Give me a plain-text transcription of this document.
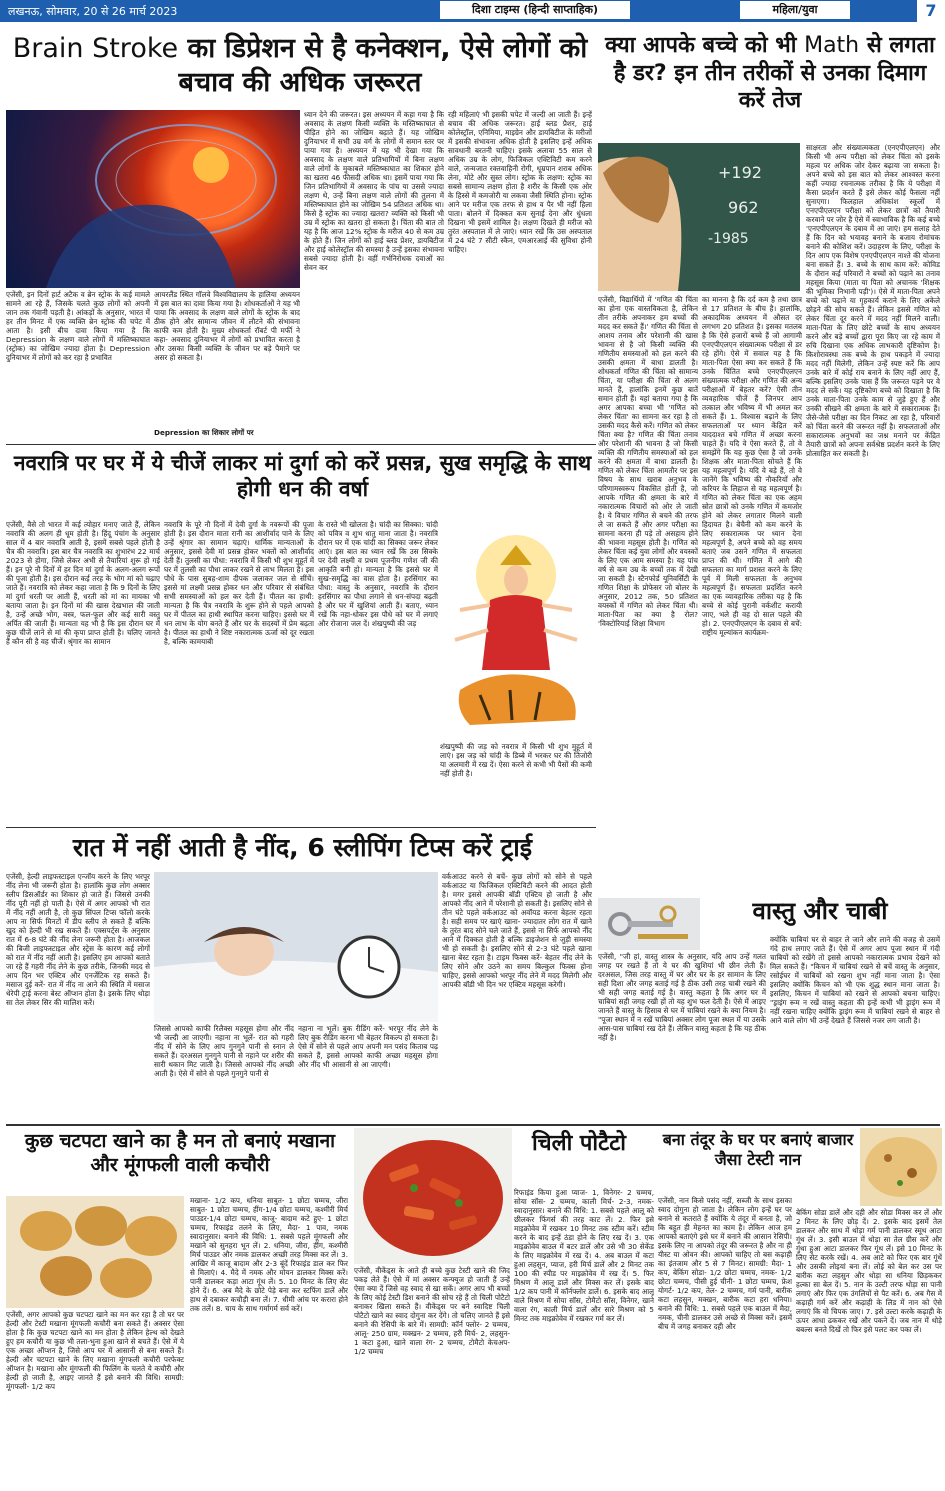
लखनऊ, सोमवार, 20 से 26 मार्च 2023	दिशा टाइम्स (हिन्दी साप्ताहिक)	महिला/युवा	7
Brain Stroke का डिप्रेशन से है कनेक्शन, ऐसे लोगों को बचाव की अधिक जरूरत
एजेंसी, इन दिनों हार्ट अटैक व ब्रेन स्ट्रोक के कई मामले सामने आ रहे हैं, जिसके चलते कुछ लोगों को अपनी जान तक गंवानी पड़ती है। आंकड़ों के अनुसार, भारत में हर तीन मिनट में एक व्यक्ति ब्रेन स्ट्रोक की चपेट में आता है। इसी बीच दावा किया गया है कि Depression के लक्षण वाले लोगों में मस्तिष्काघात (स्ट्रोक) का जोखिम ज्यादा होता है। Depression दुनियाभर में लोगों को कर रहा है प्रभावित
आयरलैंड स्थित गॉलवे विश्वविद्यालय के हालिया अध्ययन में इस बात का दावा किया गया है। शोधकर्ताओं ने यह भी पाया कि अवसाद के लक्षण वाले लोगों के स्ट्रोक के बाद ठीक होने और सामान्य जीवन में लौटने की संभावना काफी कम होती है। मुख्य शोधकर्ता रॉबर्ट पी मर्फी ने कहा- अवसाद दुनियाभर में लोगों को प्रभावित करता है और उसका किसी व्यक्ति के जीवन पर बड़े पैमाने पर असर हो सकता है।
Depression का शिकार लोगों पर
ध्यान देने की जरूरत। इस अध्ययन में कहा गया है कि अवसाद के लक्षण किसी व्यक्ति के मस्तिष्काघात से पीड़ित होने का जोखिम बढ़ाते हैं। यह जोखिम दुनियाभर में सभी उम्र वर्ग के लोगों में समान स्तर पर पाया गया है। अध्ययन में यह भी देखा गया कि अवसाद के लक्षण वाले प्रतिभागियों में बिना लक्षण वाले लोगों के मुकाबले मस्तिष्काघात का शिकार होने का खतरा 46 फीसदी अधिक था। इसमें पाया गया कि जिन प्रतिभागियों में अवसाद के पांच या उससे ज्यादा लक्षण थे, उन्हें बिना लक्षण वाले लोगों की तुलना में मस्तिष्काघात होने का जोखिम 54 प्रतिशत अधिक था। किसे है स्ट्रोक का ज्यादा खतरा? व्यक्ति को किसी भी उम्र में स्ट्रोक का खतरा हो सकता है। चिंता की बात तो यह है कि आज 12% स्ट्रोक के मरीज 40 से कम उम्र के होते हैं। जिन लोगों को हाई ब्लड प्रेशर, डायबिटीज और हाई कोलेस्ट्रॉल की समस्या है उन्हें इसका संभावना सबसे ज्यादा होती है। वहीं गर्भनिरोधक दवाओं का सेवन कर
रही महिलाएं भी इसकी चपेट में जल्दी आ जाती हैं। इन्हें बचाव की अधिक जरूरत। हाई ब्लड प्रैशर, हाई कोलेस्ट्रॉल, एनिमिया, माइग्रेन और डायबिटीज के मरीजों में इसकी संभावना अधिक होती है इसलिए इन्हें अधिक सावधानी बरतनी चाहिए। इसके अलावा 55 साल से अधिक उम्र के लोग, फिजिकल एक्टिविटी कम करने वाले, जन्मजात रक्तवाहिनी रोगी, धूम्रपान शराब अधिक लेना, मोटे और सुस्त लोग। स्ट्रोक के लक्षण: स्ट्रोक का सबसे सामान्य लक्षण होता है शरीर के किसी एक ओर के हिस्से में कमजोरी या लकवा जैसी स्थिति होना। स्ट्रोक आने पर मरीज एक तरफ से हाथ व पैर भी नहीं हिला पाता। बोलने में दिक्कत कम सुनाई देना और धुंधला दिखना भी इसमें शामिल है। लक्षण दिखते ही मरीज को तुरंत अस्पताल में ले जाएं। ध्यान रखें कि उस अस्पताल में 24 घंटे 7 सीटी स्कैन, एमआरआई की सुविधा होनी चाहिए।
क्या आपके बच्चे को भी Math से लगता है डर? इन तीन तरीकों से उनका दिमाग करें तेज
+192
962
-1985
एजेंसी, विद्यार्थियों में 'गणित की चिंता का होना एक वास्तविकता है, लेकिन तीन तरीके अपनाकर हम बच्चों की मदद कर सकते हैं।' गणित की चिंता से आशय तनाव और परेशानी की खास भावना से है जो किसी व्यक्ति की गणितीय समस्याओं को हल करने की उसकी क्षमता में बाधा डालती है। शोधकर्ता गणित की चिंता को सामान्य चिंता, या परीक्षा की चिंता से अलग मानते हैं, हालांकि इनमें कुछ बातें समान होती हैं। यहां बताया गया है कि अगर आपका बच्चा भी 'गणित को लेकर चिंता' का सामना कर रहा है तो उसकी मदद कैसे करें। गणित को लेकर चिंता क्या है? गणित की चिंता तनाव और परेशानी की भावना है जो किसी व्यक्ति की गणितीय समस्याओं को हल करने की क्षमता में बाधा डालती है। गणित को लेकर चिंता आमतौर पर इस विषय के साथ खराब अनुभव के परिणामस्वरूप विकसित होती है, जो आपके गणित की क्षमता के बारे में नकारात्मक विचारों को ओर ले जाती है। ये विचार गणित से बचने की तरफ ले जा सकते हैं और अगर परीक्षा का सामना करना ही पड़े तो असहाय होने की भावना महसूस होती है। गणित को लेकर चिंता कई युवा लोगों और वयस्कों के लिए एक आम समस्या है। यह पांच वर्ष से कम उम्र के बच्चों तक में देखी जा सकती है। स्टैनफोर्ड यूनिवर्सिटी के गणित शिक्षा के प्रोफेसर जो बोलर के अनुसार, 2012 तक, 50 प्रतिशत वयस्कों में गणित को लेकर चिंता थी। माता-पिता का क्या है रोल? 'विक्टोरियाई शिक्षा विभाग
का मानना है कि दर्द कम है तथा छात्र से 17 प्रतिशत के बीच है। हालांकि, अकादमिक अध्ययन में औसत दर लगभग 20 प्रतिशत है। इसका मतलब है कि ऐसे हजारों बच्चे हैं जो आगामी एनएपीएलएन संख्यात्मक परीक्षा से डर रहे होंगे। ऐसे में सवाल यह है कि माता-पिता ऐसा क्या कर सकते हैं कि उनके चिंतित बच्चे एनएपीएलएन संख्यात्मक परीक्षा और गणित की अन्य परीक्षाओं में बेहतर करें? ऐसी तीन व्यवहारिक चीजें हैं जिनपर आप तत्काल और भविष्य में भी अमल कर सकते हैं। 1. विश्वास बढ़ाने के लिए सफलताओं पर ध्यान केंद्रित करें याददाश्त बचे गणित में अच्छा करना चाहते हैं। यदि वे ऐसा करते हैं, तो वे समझेंगे कि यह कुछ ऐसा है जो उनके शिक्षक और माता-पिता सोचते हैं कि यह महत्वपूर्ण है। यदि वे बड़े हैं, तो वे जानेंगे कि भविष्य की नौकरियों और करियर के लिहाज से यह महत्वपूर्ण है। गणित को लेकर चिंता का एक अहम स्रोत छात्रों को उनके गणित में कमजोर होने को लेकर लगातार मिलने वाली हिदायत है। बेचैनी को कम करने के लिए सकारात्मक पर ध्यान देना महत्वपूर्ण है, अपने बच्चे को वह समय बताएं जब उसने गणित में सफलता प्राप्त की थी। गणित में आगे की सफलता का मार्ग प्रशस्त करने के लिए पूर्व में मिली सफलता के अनुभव महत्वपूर्ण हैं। सफलता प्रदर्शित करने का एक व्यावहारिक तरीका यह है कि बच्चे से कोई पुरानी वर्कशीट करायी जाए, भले ही वह दो साल पहले की हो। 2. एनएपीएलएन के दबाव से बचें: राष्ट्रीय मूल्यांकन कार्यक्रम-
साक्षरता और संख्यात्मकता (एनएपीएलएन) और किसी भी अन्य परीक्षा को लेकर चिंता को इसके महत्व पर अधिक जोर देकर बढ़ाया जा सकता है। अपने बच्चे को इस बात को लेकर आश्वस्त करना कहीं ज्यादा रचनात्मक तरीका है कि ये परीक्षा में कैसा प्रदर्शन करते हैं इसे लेकर कोई फैसला नहीं सुनाएगा। फिलहाल अधिकांश स्कूलों में एनएपीएलएन परीक्षा को लेकर छात्रों को तैयारी करवाने पर जोर है ऐसे में स्वाभाविक है कि कई बच्चे 'एनएपीएलएन के दबाव में आ जाएं। हम सलाह देते हैं कि दिन को भयावह बनाने के बजाय रोमांचक बनाने की कोशिश करें। उदाहरण के लिए, परीक्षा के दिन आप एक विशेष एनएपीएलएन नाश्ते की योजना बना सकते हैं। 3. बच्चे के साथ काम करें: कोविड के दौरान कई परिवारों ने बच्चों को पढ़ाने का तनाव महसूस किया (माता या पिता को अचानक 'शिक्षक की भूमिका निभानी पड़ी')। ऐसे में माता-पिता अपने बच्चे को पढ़ाने या गृहकार्य कराने के लिए अकेले छोड़ने की सोच सकते हैं। लेकिन इससे गणित को लेकर चिंता दूर करने में मदद नहीं मिलने वाली। माता-पिता के लिए छोटे बच्चों के साथ अध्ययन करने और बड़े बच्चों द्वारा पूरा किए जा रहे काम में रुचि दिखाना एक अधिक लाभकारी दृष्टिकोण है। किशोरावस्था तक बच्चे के हाथ पकड़ने में ज्यादा मदद नहीं मिलेगी, लेकिन उन्हें स्पष्ट करें कि आप उनके बारे में कोई राय बनाने के लिए नहीं आए हैं, बल्कि इसलिए उनके पास हैं कि जरूरत पड़ने पर वे मदद ले सकें। यह दृष्टिकोण बच्चे को दिखाता है कि उनके माता-पिता उनके काम से जुड़े हुए हैं और उनकी सीखने की क्षमता के बारे में सकारात्मक हैं। जैसे-जैसे परीक्षा का दिन निकट आ रहा है, परिवारों को चिंता करने की जरूरत नहीं है। सफलताओं और सकारात्मक अनुभवों का जश्न मनाने पर केंद्रित तैयारी छात्रों को अपना सर्वश्रेष्ठ प्रदर्शन करने के लिए प्रोत्साहित कर सकती है।
नवरात्रि पर घर में ये चीजें लाकर मां दुर्गा को करें प्रसन्न, सुख समृद्धि के साथ होगी धन की वर्षा
एजेंसी, वैसे तो भारत में कई त्योहार मनाए जाते हैं, लेकिन नवरात्रि की अलग ही धूम होती है। हिंदू पंचांग के अनुसार साल में 4 बार नवरात्रि आती है, इसमें सबसे पहले होती है चैत्र की नवरात्रि। इस बार चैत्र नवरात्रि का शुभारंभ 22 मार्च 2023 से होगा, जिसे लेकर अभी से तैयारियां शुरू हो गई हैं। इन पूरे नौ दिनों में हर दिन मां दुर्गा के अलग-अलग रूपों की पूजा होती है। इस दौरान कई तरह के भोग मां को चढ़ाए जाते हैं। नवरात्रि को लेकर कहा जाता है कि 9 दिनों के लिए मां दुर्गा धरती पर आती हैं, धरती को मां का मायका भी बताया जाता है। इन दिनों मां की खास देखभाल की जाती है, उन्हें अच्छे भोग, वस्त्र, फल-फूल और कई सारी वस्तु अर्पित की जाती हैं। मान्यता यह भी है कि इस दौरान घर में कुछ चीजें लाने से मां की कृपा प्राप्त होती है। चलिए जानते हैं कौन सी है वह चीजें। श्रृंगार का सामान
नवरात्रि के पूरे नौ दिनों में देवी दुर्गा के नवरूपों की पूजा होती है। इस दौरान माता रानी का आशीर्वाद पाने के लिए उन्हें श्रृंगार का सामान चढ़ाएं। धार्मिक मान्यताओं के अनुसार, इससे देवी मां प्रसन्न होकर भक्तों को आशीर्वाद देती हैं। तुलसी का पौधा: नवरात्रि में किसी भी शुभ मुहूर्त में घर में तुलसी का पौधा लाकर रखने से लाभ मिलता है। इस पौधे के पास सुबह-शाम दीपक जलाकर जल से सींचें। इससे मां लक्ष्मी प्रसन्न होकर धन और परिवार से संबंधित सभी समस्याओं को हल कर देती हैं। पीतल का हाथी: मान्यता है कि चैत्र नवरात्रि के शुरू होने से पहले आपको घर में पीतल का हाथी स्थापित करना चाहिए। इससे घर में धन लाभ के योग बनते हैं और घर के सदस्यों में प्रेम बढ़ता है। पीतल का हाथी ने शिष्ट नकारात्मक ऊर्जा को दूर रखता है, बल्कि कामयाबी
के रास्ते भी खोलता है। चांदी का सिक्का: चांदी को पवित्र व शुभ धातु माना जाता है। नवरात्रि दौरान घर में एक चांदी का सिक्का जरूर लेकर आएं। इस बात का ध्यान रखें कि उस सिक्के पर देवी लक्ष्मी व प्रथम पूजनीय गणेश जी की आकृति बनी हो। मान्यता है कि इससे घर में सुख-समृद्धि का वास होता है। हरसिंगार का पौधा: वास्तु के अनुसार, नवरात्रि के दौरान हरसिंगार का पौधा लगाने से धन-संपदा बढ़ती है और घर में खुशियां आती हैं। बताए, ध्यान रखें कि नहा-धोकर इस पौधे को घर में लगाएं और रोजाना जल दें। शंखपुष्पी की जड़
शंखपुष्पी की जड़ को नवरात्र में किसी भी शुभ मुहूर्त में लाएं। इस जड़ को चांदी के डिब्बे में भरकर घर की तिजोरी या अलमारी में रख दें। ऐसा करने से कभी भी पैसों की कमी नहीं होती है।
रात में नहीं आती है नींद, 6 स्लीपिंग टिप्स करें ट्राई
एजेंसी, हेल्दी लाइफस्टाइल एन्जॉय करने के लिए भरपूर नींद लेना भी जरूरी होता है। हालांकि कुछ लोग अक्सर स्लीप डिसऑर्डर का शिकार हो जाते हैं। जिससे उनकी नींद पूरी नहीं हो पाती है। ऐसे में अगर आपको भी रात में नींद नहीं आती है, तो कुछ सिंपल टिप्स फॉलो करके आप ना सिर्फ मिनटों में डीप स्लीप ले सकते हैं बल्कि खुद को हेल्दी भी रख सकते हैं। एक्सपर्ट्स के अनुसार रात में 6-8 घंटे की नींद लेना जरूरी होता है। आजकल की बिजी लाइफस्टाइल और स्ट्रेस के कारण कई लोगों को रात में नींद नहीं आती है। इसलिए हम आपको बताते जा रहे हैं गहरी नींद लेने के कुछ तरीके, जिनकी मदद से आप दिन भर एक्टिव और एनर्जेटिक रह सकते हैं। मसाज दुई करें- रात में नींद ना आने की स्थिति में मसाज थेरेपी ट्राई करना बेस्ट ऑप्शन होता है। इसके लिए थोड़ा सा तेल लेकर सिर की मालिश करें।
जिससे आपको काफी रिलैक्स महसूस होगा और नींद भी जल्दी आ जाएगी। नहाना ना भूलें- रात को गहरी नींद में सोने के लिए आप गुनगुने पानी से स्नान ले सकते हैं। दरअसल गुनगुने पानी से नहाने पर शरीर की सारी थकान मिट जाती है। जिससे आपको नींद अच्छी आती है। ऐसे में सोने से पहले गुनगुने पानी से
नहाना ना भूलें। बुक रीडिंग करें- भरपूर नींद लेने के लिए बुक रीडिंग करना भी बेहतर विकल्प हो सकता है। ऐसे में सोने से पहले आप अपनी मन पसंद किताब पढ़ सकते हैं, इससे आपको काफी अच्छा महसूस होगा और नींद भी आसानी से आ जाएगी।
वर्कआउट करने से बचें- कुछ लोगों को सोने से पहले वर्कआउट या फिजिकल एक्टिविटी करने की आदत होती है। मगर इससे आपकी बॉडी एक्टिव हो जाती है और आपको नींद आने में परेशानी हो सकती है। इसलिए सोने से तीन घंटे पहले वर्कआउट को अवॉयड करना बेहतर रहता है। सही समय पर खाएं खाना- ज्यादातर लोग रात में खाने के तुरंत बाद सोने चले जाते हैं, इससे ना सिर्फ आपको नींद आने में दिक्कत होती है बल्कि डाइजेशन से जुड़ी समस्या भी हो सकती है। इसलिए सोने से 2-3 घंटे पहले खाना खाना बेस्ट रहता है। टाइम फिक्स करें- बेहतर नींद लेने के लिए सोने और उठने का समय बिल्कुल फिक्स होना चाहिए, इससे आपको भरपूर नींद लेने में मदद मिलेगी और आपकी बॉडी भी दिन भर एक्टिव महसूस करेगी।
वास्तु और चाबी
एजेंसी, "जी हां, वास्तु शास्त्र के अनुसार, यदि आप उन्हें गलत जगह पर रखते हैं तो ये घर की खुशियां भी छीन लेती हैं। दरअसल, जिस तरह वास्तु में घर और घर के हर सामान के लिए सही दिशा और जगह बताई गई है ठीक उसी तरह चाबी रखने की भी सही जगह बताई गई है। वास्तु कहता है कि अगर घर में चाबियां सही जगह रखी हों तो यह शुभ फल देती हैं। ऐसे में आइए जानते हैं वास्तु के हिसाब से घर में चाबियां रखने के क्या नियम है। "पूजा स्थान में न रखें चाबियां अक्सर लोग पूजा स्थल में या उसके आस-पास चाबियां रख देते हैं। लेकिन वास्तु कहता है कि यह ठीक नहीं है।
क्योंकि चाबियां घर से बाहर ले जाने और लाने की वजह से उसमें गंदे हाथ लगाए जाते हैं। ऐसे में अगर आप पूजा स्थान में गंदी चाबियों को रखेंगे तो इससे आपको नकारात्मक प्रभाव देखने को मिल सकते हैं। "किचन में चाबियां रखने से बचें वास्तु के अनुसार, रसोईघर में चाबियों को रखना शुभ नहीं माना जाता है। ऐसा इसलिए क्योंकि किचन को भी एक शुद्ध स्थान माना जाता है। इसलिए, किचन में चाबियां को रखने से आपको बचना चाहिए। "ड्राइंग रूम न रखें वास्तु कहता की इन्हें कभी भी ड्राइंग रूम में नहीं रखना चाहिए क्योंकि ड्राइंग रूम में चाबियां रखने से बाहर से आने वाले लोग भी उन्हें देखते हैं जिससे नजर लग जाती है।
कुछ चटपटा खाने का है मन तो बनाएं मखाना और मूंगफली वाली कचौरी
एजेंसी, अगर आपको कुछ चटपटा खाने का मन कर रहा है तो घर पर हेल्दी और टेस्टी मखाना मूंगफली कचौरी बना सकते हैं। अक्सर ऐसा होता है कि कुछ चटपटा खाने का मन होता है लेकिन हेल्थ को देखते हुए हम कचौरी या कुछ भी तला-भुना हुआ खाने से बचते हैं। ऐसे में ये एक अच्छा ऑप्शन है, जिसे आप घर में आसानी से बना सकते हैं। हेल्दी और चटपटा खाने के लिए मखाना मूंगफली कचौरी परफेक्ट ऑप्शन है। मखाना और मूंगफली की फिलिंग के चलते ये कचौरी और हेल्दी हो जाती है, आइए जानते हैं इसे बनाने की विधि। सामग्री: मूंगफली- 1/2 कप
मखाना- 1/2 कप, धनिया साबुत- 1 छोटा चम्मच, जीरा साबुत- 1 छोटा चम्मच, हींग-1/4 छोटा चम्मच, कश्मीरी मिर्च पाउडर-1/4 छोटा चम्मच, काजू- बादाम कटे हुए- 1 छोटा चम्मच, रिफाइंड तलने के लिए, मैदा- 1 पाव, नमक स्वादानुसार। बनाने की विधि: 1. सबसे पहले मूंगफली और मखाने को सुनहरा भून लें। 2. धनिया, जीरा, हींग, कश्मीरी मिर्च पाउडर और नमक डालकर अच्छी तरह मिक्स कर लें। 3. आखिर में काजू बादाम और 2-3 बूंदें रिफाइंड डाल कर फिर से मिलाएं। 4. मैदे में नमक और मोयन डालकर मिक्स करें। पानी डालकर कड़ा आटा गूंथ लें। 5. 10 मिनट के लिए सेट होने दें। 6. अब मैदे के छोटे पेड़े बना कर स्टफिंग डालें और हाथ से दबाकर कचौड़ी बना लें। 7. धीमी आंच पर करारा होने तक तलें। 8. चाय के साथ गर्मागर्म सर्व करें।
चिली पोटैटो
एजेंसी, वीकेंड्स के आते ही बच्चे कुछ टेस्टी खाने की जिद पकड़ लेते हैं। ऐसे में मां अक्सर कन्फ्यूज हो जाती हैं उन्हें ऐसा क्या दें जिसे वह स्वाद से खा सकें। अगर आप भी बच्चों के लिए कोई टेस्टी डिश बनाने की सोच रहे हैं तो चिली पोटैटो बनाकर खिला सकते हैं। वीकेंड्स पर बने स्वादिष्ट चिली पोटैटो खाने का स्वाद दोगुना कर देंगे। तो चलिए जानते हैं इसे बनाने की रेसिपी के बारे में। सामग्री: कॉर्न फ्लोर- 2 चम्मच, आलू- 250 ग्राम, मक्खन- 2 चम्मच, हरी मिर्च- 2, लहसुन- 1 कटा हुआ, खाने वाला रंग- 2 चम्मच, टोमैटो केचअप- 1/2 चम्मच
रिफाइंड किया हुआ प्याज- 1, विनेगर- 2 चम्मच, सोया सॉस- 2 चम्मच, काली मिर्च- 2-3, नमक- स्वादानुसार। बनाने की विधि: 1. सबसे पहले आलू को छीलकर फिंगर्स की तरह काट लें। 2. फिर इसे माइक्रोवेव में रखकर 10 मिनट तक स्टीम करें। स्टीम करने के बाद इन्हें ठंडा होने के लिए रख दें। 3. एक माइक्रोवेव बाउल में बटर डालें और उसे भी 30 सेकेंड के लिए माइक्रोवेव में रख दें। 4. अब बाउल में कटा हुआ लहसुन, प्याज, हरी मिर्च डालें और 2 मिनट तक 100 की स्पीड पर माइक्रोवेव में रख दें। 5. फिर मिश्रण में आलू डालें और मिक्स कर लें। इसके बाद 1/2 कप पानी में कॉर्नफ्लोर डालें। 6. इसके बाद आलू वाले मिश्रण में सोया सॉस, टोमैटो सॉस, विनेगर, खाने वाला रंग, काली मिर्च डालें और सारे मिश्रण को 5 मिनट तक माइक्रोवेव में रखकर गर्म कर लें।
बना तंदूर के घर पर बनाएं बाजार जैसा टेस्टी नान
एजेंसी, नान किसे पसंद नहीं, सब्जी के साथ इसका स्वाद दोगुना हो जाता है। लेकिन लोग इन्हें घर पर बनाने से कतराते हैं क्योंकि ये तंदूर में बनता है, जो कि बहुत ही मेहनत का काम है। लेकिन आज हम आपको बताएंगे इसे घर में बनाने की आसान रेसिपी। इसके लिए ना आपको तंदूर की जरूरत है और ना ही यीस्ट या ओवन की। आपको चाहिए तो बस कढ़ाही का इंतजाम और 5 से 7 मिनट। सामग्री: मैदा- 1 कप, बेकिंग सोडा- 1/2 छोटा चम्मच, नमक- 1/2 छोटा चम्मच, पीसी हुई चीनी- 1 छोटा चम्मच, फ्रेश योगर्ट- 1/2 कप, तेल- 2 चम्मच, गर्म पानी, बारीक कटा लहसुन, मक्खन, बारीक कटा हरा धनिया। बनाने की विधि: 1. सबसे पहले एक बाउल में मैदा, नमक, चीनी डालकर उसे अच्छे से मिक्स करें। इसमें बीच में जगह बनाकर दही और
बेकिंग सोडा डालें और दही और सोडा मिक्स कर लें और 2 मिनट के लिए छोड़ दें। 2. इसके बाद इसमें तेल डालकर और साथ में थोड़ा गर्म पानी डालकर स्मूथ आटा गूंथ लें। 3. इसी बाउल में थोड़ा सा तेल ग्रीस करें और गुंथा हुआ आटा डालकर फिर गूंथ लें। इसे 10 मिनट के लिए सेट करके रखें। 4. अब आटे को फिर एक बार गूंथें और उसकी लोइयां बना लें। लोई को बेल कर उस पर बारीक कटा लहसुन और थोड़ा सा धनिया छिड़ककर हल्का सा बेल दें। 5. नान के उल्टी तरफ थोड़ा सा पानी लगाएं और फिर एक उंगलियों से पैट करें। 6. अब गैस में कढ़ाही गर्म करें और कढ़ाही के लिड में नान को ऐसे लगाएं कि वो चिपक जाए। 7. इसे उल्टा करके कढ़ाही के ऊपर आधा ढककर रखें और पकने दें। जब नान में थोड़े बबल्स बनते दिखें तो फिर इसे पलट कर पका लें।
